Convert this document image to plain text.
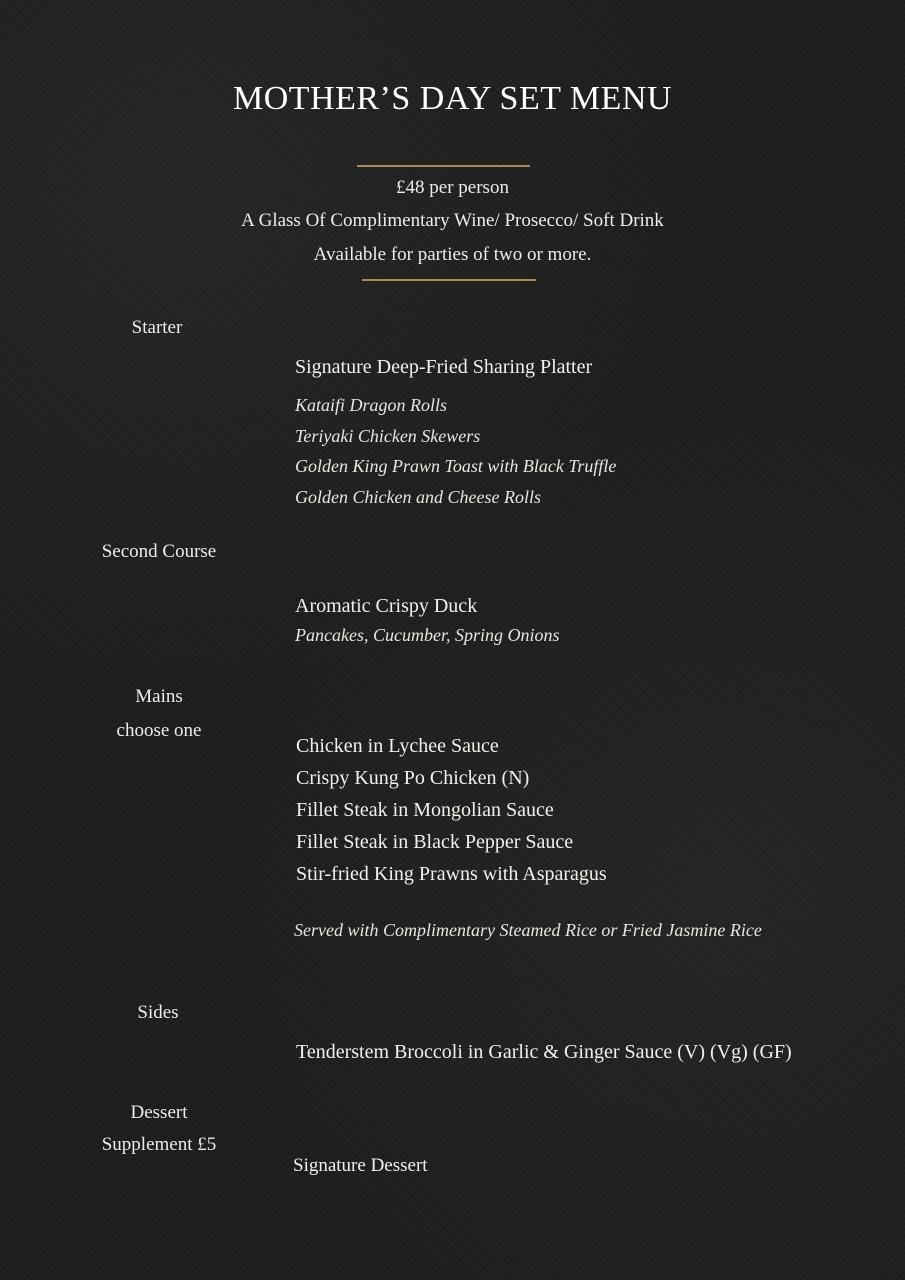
MOTHER’S DAY SET MENU
£48 per person
A Glass Of Complimentary Wine/ Prosecco/ Soft Drink
Available for parties of two or more.
Starter
Signature Deep-Fried Sharing Platter
Kataifi Dragon Rolls
Teriyaki Chicken Skewers
Golden King Prawn Toast with Black Truffle
Golden Chicken and Cheese Rolls
Second Course
Aromatic Crispy Duck
Pancakes, Cucumber, Spring Onions
Mains
choose one
Chicken in Lychee Sauce
Crispy Kung Po Chicken (N)
Fillet Steak in Mongolian Sauce
Fillet Steak in Black Pepper Sauce
Stir-fried King Prawns with Asparagus
Served with Complimentary Steamed Rice or Fried Jasmine Rice
Sides
Tenderstem Broccoli in Garlic & Ginger Sauce (V) (Vg) (GF)
Dessert
Supplement £5
Signature Dessert
